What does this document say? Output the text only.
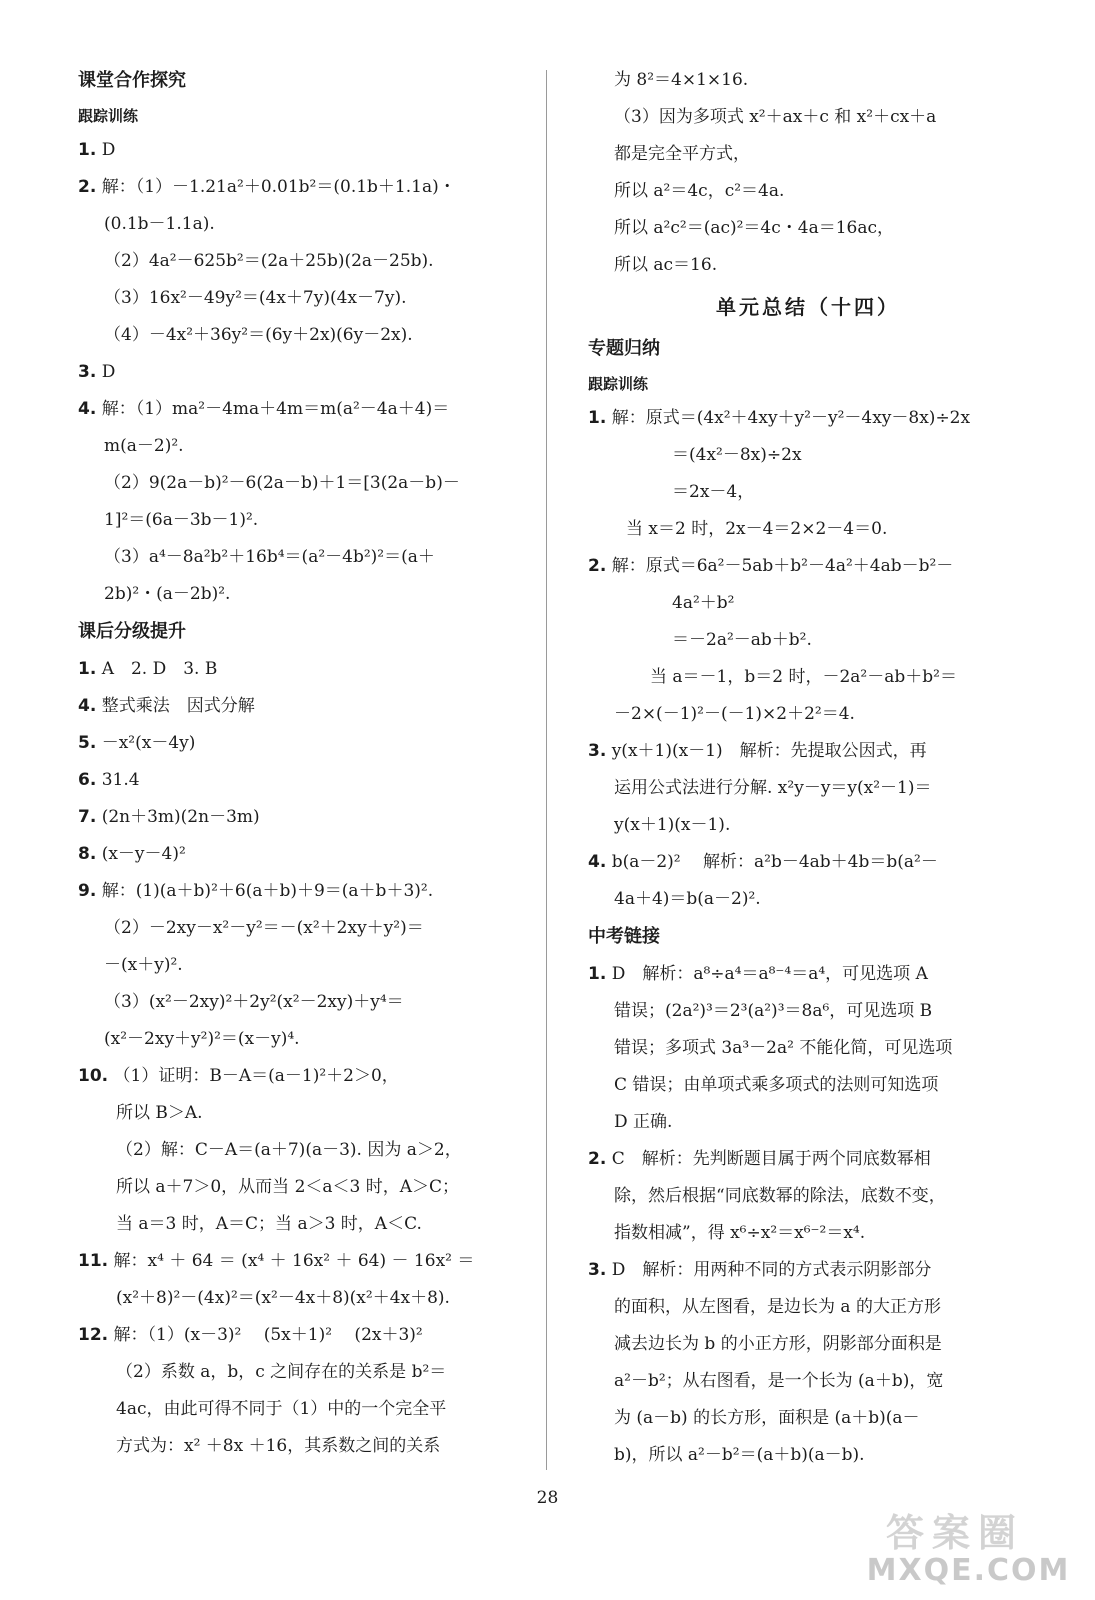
课堂合作探究
跟踪训练
1. D
2. 解：（1）－1.21a²＋0.01b²＝(0.1b＋1.1a)・
(0.1b－1.1a).
（2）4a²－625b²＝(2a＋25b)(2a－25b).
（3）16x²－49y²＝(4x＋7y)(4x－7y).
（4）－4x²＋36y²＝(6y＋2x)(6y－2x).
3. D
4. 解：（1）ma²－4ma＋4m＝m(a²－4a＋4)＝
m(a－2)².
（2）9(2a－b)²－6(2a－b)＋1＝[3(2a－b)－
1]²＝(6a－3b－1)².
（3）a⁴－8a²b²＋16b⁴＝(a²－4b²)²＝(a＋
2b)²・(a－2b)².
课后分级提升
1. A　2. D　3. B
4. 整式乘法　因式分解
5. －x²(x－4y)
6. 31.4
7. (2n＋3m)(2n－3m)
8. (x－y－4)²
9. 解：(1)(a＋b)²＋6(a＋b)＋9＝(a＋b＋3)².
（2）－2xy－x²－y²＝－(x²＋2xy＋y²)＝
－(x＋y)².
（3）(x²－2xy)²＋2y²(x²－2xy)＋y⁴＝
(x²－2xy＋y²)²＝(x－y)⁴.
10. （1）证明：B－A＝(a－1)²＋2＞0，
所以 B＞A.
（2）解：C－A＝(a＋7)(a－3). 因为 a＞2，
所以 a＋7＞0，从而当 2＜a＜3 时，A＞C；
当 a＝3 时，A＝C；当 a＞3 时，A＜C.
11. 解：x⁴ ＋ 64 ＝ (x⁴ ＋ 16x² ＋ 64) － 16x² ＝
(x²＋8)²－(4x)²＝(x²－4x＋8)(x²＋4x＋8).
12. 解：（1）(x－3)²　 (5x＋1)²　 (2x＋3)²
（2）系数 a，b，c 之间存在的关系是 b²＝
4ac，由此可得不同于（1）中的一个完全平
方式为：x² ＋8x ＋16，其系数之间的关系
为 8²＝4×1×16.
（3）因为多项式 x²＋ax＋c 和 x²＋cx＋a
都是完全平方式，
所以 a²＝4c，c²＝4a.
所以 a²c²＝(ac)²＝4c・4a＝16ac，
所以 ac＝16.
单元总结（十四）
专题归纳
跟踪训练
1. 解：原式＝(4x²＋4xy＋y²－y²－4xy－8x)÷2x
＝(4x²－8x)÷2x
＝2x－4，
当 x＝2 时，2x－4＝2×2－4＝0.
2. 解：原式＝6a²－5ab＋b²－4a²＋4ab－b²－
4a²＋b²
＝－2a²－ab＋b².
当 a＝－1，b＝2 时，－2a²－ab＋b²＝
－2×(－1)²－(－1)×2＋2²＝4.
3. y(x＋1)(x－1)　解析：先提取公因式，再
运用公式法进行分解. x²y－y＝y(x²－1)＝
y(x＋1)(x－1).
4. b(a－2)²　 解析：a²b－4ab＋4b＝b(a²－
4a＋4)＝b(a－2)².
中考链接
1. D　解析：a⁸÷a⁴＝a⁸⁻⁴＝a⁴，可见选项 A
错误；(2a²)³＝2³(a²)³＝8a⁶，可见选项 B
错误；多项式 3a³－2a² 不能化简，可见选项
C 错误；由单项式乘多项式的法则可知选项
D 正确.
2. C　解析：先判断题目属于两个同底数幂相
除，然后根据“同底数幂的除法，底数不变，
指数相减”，得 x⁶÷x²＝x⁶⁻²＝x⁴.
3. D　解析：用两种不同的方式表示阴影部分
的面积，从左图看，是边长为 a 的大正方形
减去边长为 b 的小正方形，阴影部分面积是
a²－b²；从右图看，是一个长为 (a＋b)，宽
为 (a－b) 的长方形，面积是 (a＋b)(a－
b)，所以 a²－b²＝(a＋b)(a－b).
28
答案圈
MXQE.COM
